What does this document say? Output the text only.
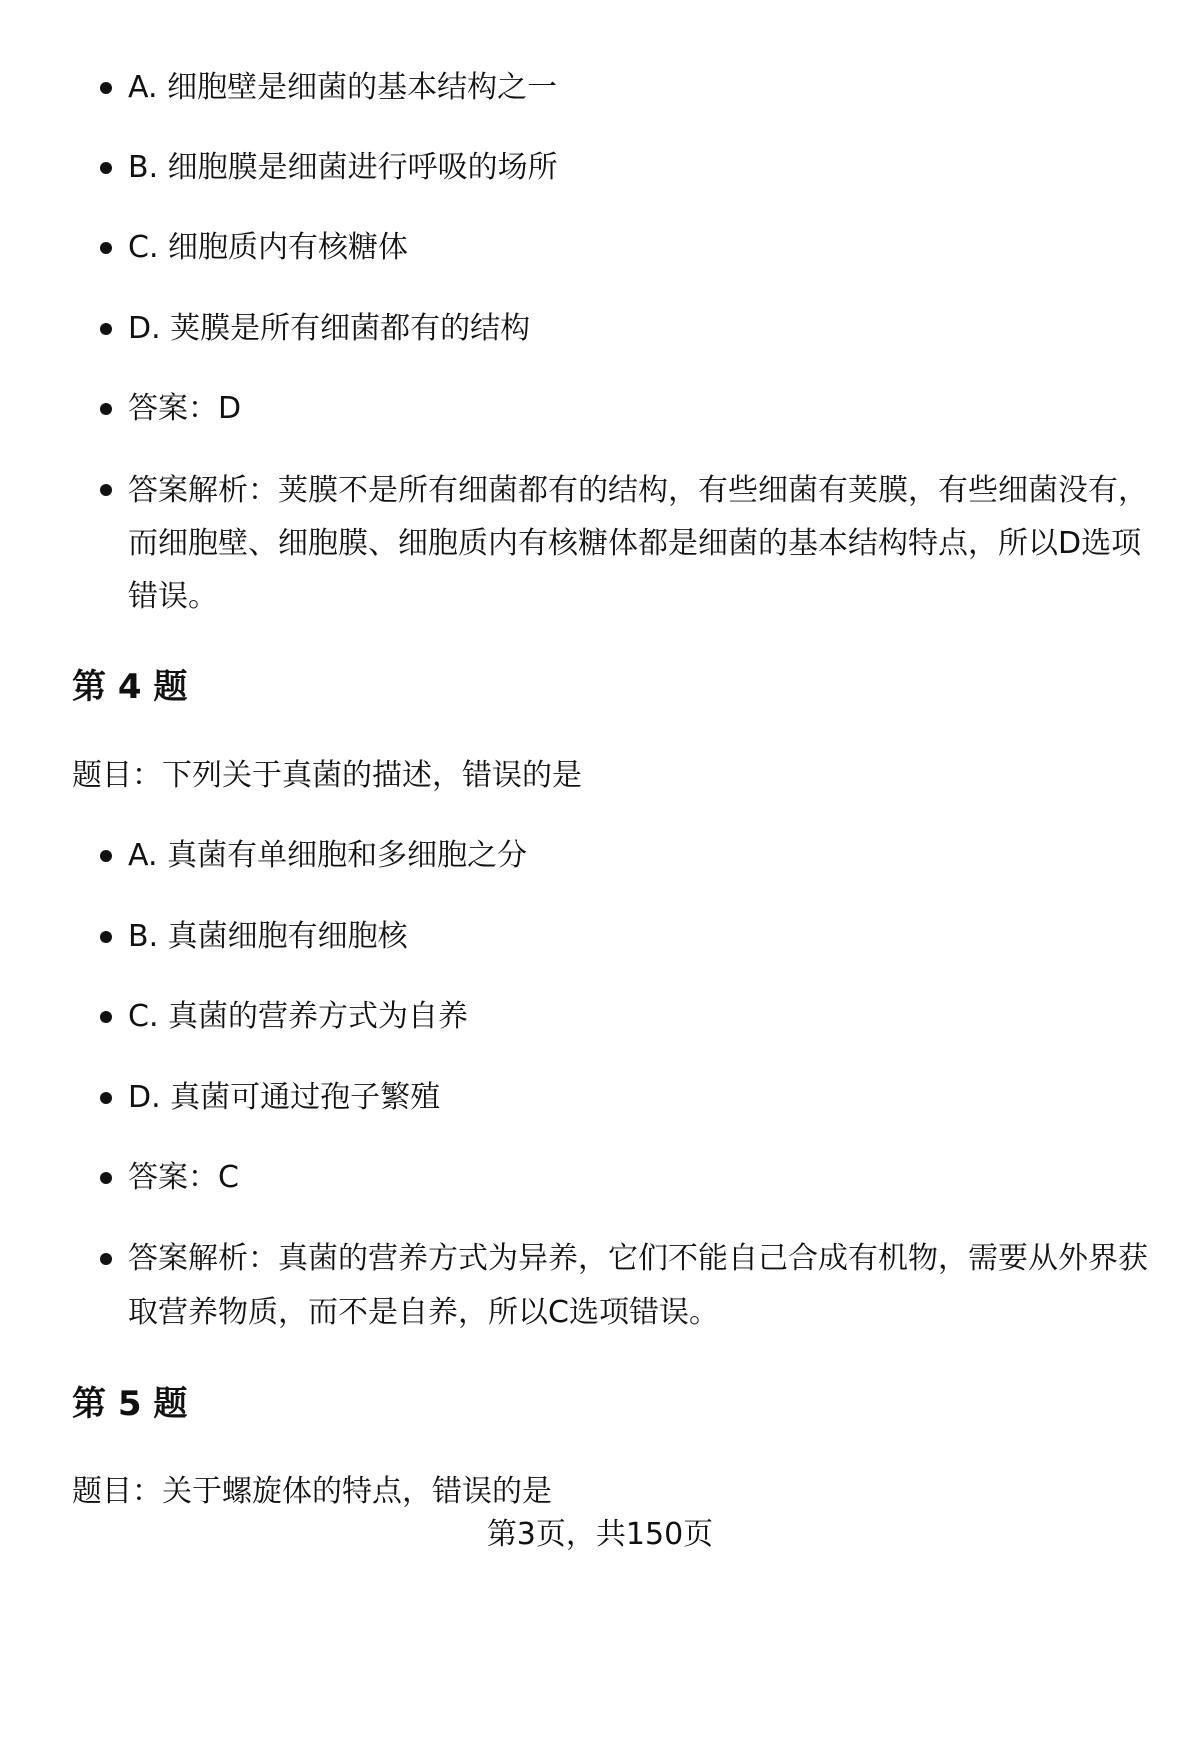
A. 细胞壁是细菌的基本结构之一
B. 细胞膜是细菌进行呼吸的场所
C. 细胞质内有核糖体
D. 荚膜是所有细菌都有的结构
答案：D
答案解析：荚膜不是所有细菌都有的结构，有些细菌有荚膜，有些细菌没有，
而细胞壁、细胞膜、细胞质内有核糖体都是细菌的基本结构特点，所以D选项
错误。
第 4 题
题目：下列关于真菌的描述，错误的是
A. 真菌有单细胞和多细胞之分
B. 真菌细胞有细胞核
C. 真菌的营养方式为自养
D. 真菌可通过孢子繁殖
答案：C
答案解析：真菌的营养方式为异养，它们不能自己合成有机物，需要从外界获
取营养物质，而不是自养，所以C选项错误。
第 5 题
题目：关于螺旋体的特点，错误的是
第3页，共150页
